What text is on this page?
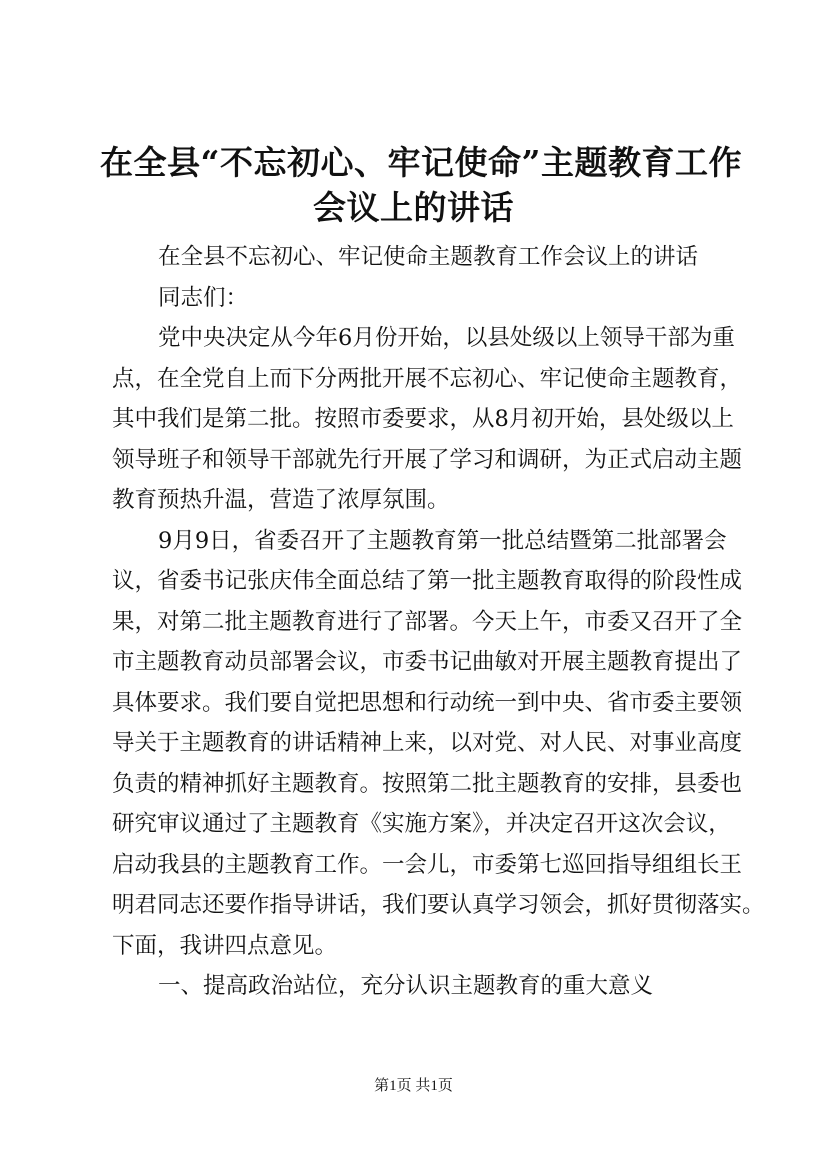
在全县“不忘初心、牢记使命”主题教育工作
会议上的讲话

在全县不忘初心、牢记使命主题教育工作会议上的讲话

同志们：

党中央决定从今年6月份开始，以县处级以上领导干部为重
点，在全党自上而下分两批开展不忘初心、牢记使命主题教育，
其中我们是第二批。按照市委要求，从8月初开始，县处级以上
领导班子和领导干部就先行开展了学习和调研，为正式启动主题
教育预热升温，营造了浓厚氛围。

9月9日，省委召开了主题教育第一批总结暨第二批部署会
议，省委书记张庆伟全面总结了第一批主题教育取得的阶段性成
果，对第二批主题教育进行了部署。今天上午，市委又召开了全
市主题教育动员部署会议，市委书记曲敏对开展主题教育提出了
具体要求。我们要自觉把思想和行动统一到中央、省市委主要领
导关于主题教育的讲话精神上来，以对党、对人民、对事业高度
负责的精神抓好主题教育。按照第二批主题教育的安排，县委也
研究审议通过了主题教育《实施方案》，并决定召开这次会议，
启动我县的主题教育工作。一会儿，市委第七巡回指导组组长王
明君同志还要作指导讲话，我们要认真学习领会，抓好贯彻落实。
下面，我讲四点意见。

一、提高政治站位，充分认识主题教育的重大意义

第1页 共1页
